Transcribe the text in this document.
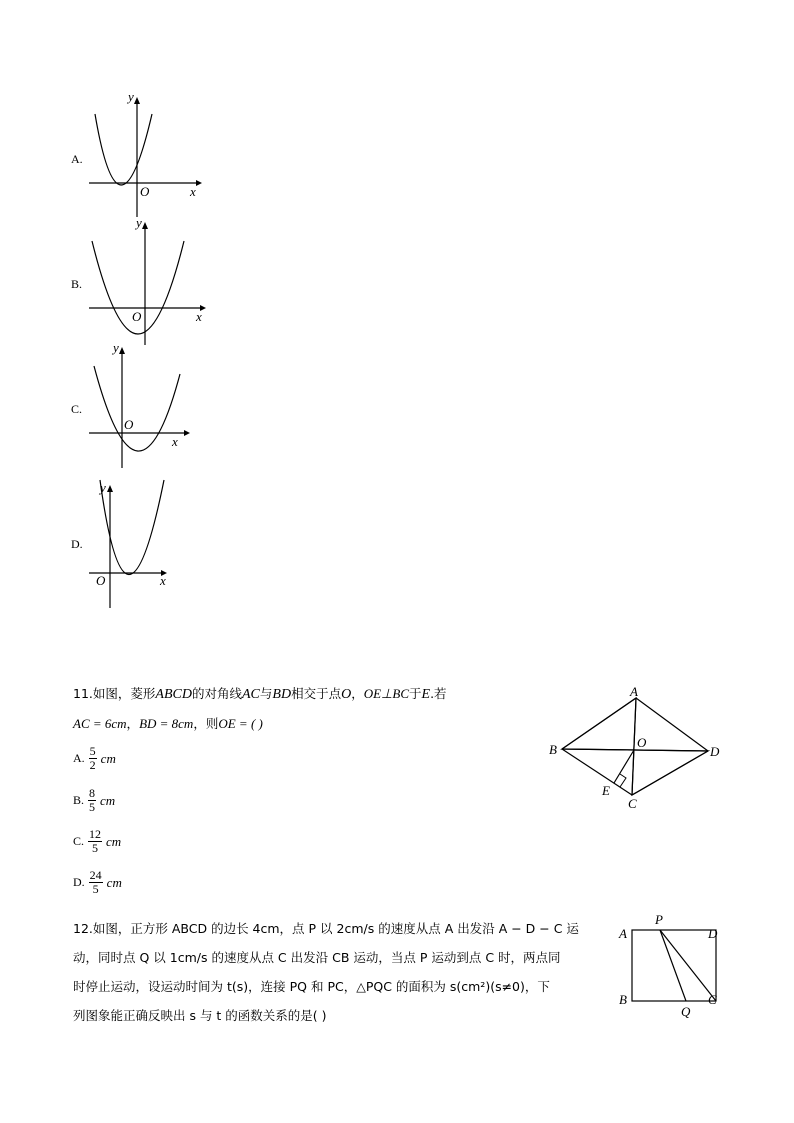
A.
y
x
O
B.
y
x
O
C.
y
x
O
D.
y
x
O
11.如图，菱形ABCD的对角线AC与BD相交于点O，OE⊥BC于E.若
AC = 6cm，BD = 8cm，则OE = ( )
A. $\frac{5}{2}$ cm
B. $\frac{8}{5}$ cm
C. $\frac{12}{5}$ cm
D. $\frac{24}{5}$ cm
A
B
C
D
O
E
12.如图，正方形 ABCD 的边长 4cm，点 P 以 2cm/s 的速度从点 A 出发沿 A − D − C 运
动，同时点 Q 以 1cm/s 的速度从点 C 出发沿 CB 运动，当点 P 运动到点 C 时，两点同
时停止运动，设运动时间为 t(s)，连接 PQ 和 PC，△PQC 的面积为 s(cm²)(s≠0)，下
列图象能正确反映出 s 与 t 的函数关系的是( )
P
A	D
B	C
Q
